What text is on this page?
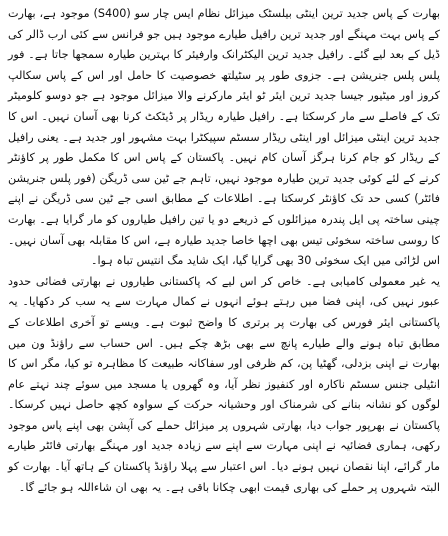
بھارت کے پاس جدید ترین اینٹی بیلسٹک میزائل نظام ایس چار سو (S400) موجود ہے، بھارت کے پاس بہت مہنگے اور جدید ترین رافیل طیارے موجود ہیں جو فرانس سے کئی ارب ڈالر کی ڈیل کے بعد لیے گئے۔ رافیل جدید ترین الیکٹرانک وارفیئر کا بہترین طیارہ سمجھا جاتا ہے۔ فور پلس پلس جنریشن ہے۔ جزوی طور پر سٹیلتھ خصوصیت کا حامل اور اس کے پاس سکالپ کروز اور میٹیور جیسا جدید ترین ایئر ٹو ایئر مارکرنے والا میزائل موجود ہے جو دوسو کلومیٹر تک کے فاصلے سے مار کرسکتا ہے۔ رافیل طیارہ ریڈار پر ڈیٹکٹ کرنا بھی آسان نہیں۔ اس کا جدید ترین اینٹی میزائل اور اینٹی ریڈار سسٹم سپیکٹرا بہت مشہور اور جدید ہے۔ یعنی رافیل کے ریڈار کو جام کرنا ہرگز آسان کام نہیں۔ پاکستان کے پاس اس کا مکمل طور پر کاؤنٹر کرنے کے لئے کوئی جدید ترین طیارہ موجود نہیں، تاہم جے ٹین سی ڈریگن (فور پلس جنریشن فائٹر) کسی حد تک کاؤنٹر کرسکتا ہے۔ اطلاعات کے مطابق اسی جے ٹین سی ڈریگن نے اپنے چینی ساختہ پی ایل پندرہ میزائلوں کے ذریعے دو یا تین رافیل طیاروں کو مار گرایا ہے۔ بھارت کا روسی ساختہ سخوئی تیس بھی اچھا خاصا جدید طیارہ ہے، اس کا مقابلہ بھی آسان نہیں۔ اس لڑائی میں ایک سخوئی 30 بھی گرایا گیا، ایک شاید مگ انتیس تباہ ہوا۔

یہ غیر معمولی کامیابی ہے۔ خاص کر اس لیے کہ پاکستانی طیاروں نے بھارتی فضائی حدود عبور نہیں کی، اپنی فضا میں رہتے ہوئے انہوں نے کمال مہارت سے یہ سب کر دکھایا۔ یہ پاکستانی ایئر فورس کی بھارت پر برتری کا واضح ثبوت ہے۔ ویسے تو آخری اطلاعات کے مطابق تباہ ہونے والے طیارے پانچ سے بھی بڑھ چکے ہیں۔ اس حساب سے راؤنڈ ون میں بھارت نے اپنی بزدلی، گھٹیا پن، کم ظرفی اور سفاکانہ طبیعت کا مظاہرہ تو کیا، مگر اس کا انٹیلی جنس سسٹم ناکارہ اور کنفیوز نظر آیا، وہ گھروں یا مسجد میں سوئے چند نہتے عام لوگوں کو نشانہ بنانے کی شرمناک اور وحشیانہ حرکت کے سواوہ کچھ حاصل نہیں کرسکا۔ پاکستان نے بھرپور جواب دیا، بھارتی شہروں پر میزائل حملے کی آپشن بھی اپنے پاس موجود رکھی، ہماری فضائیہ نے اپنی مہارت سے اپنے سے زیادہ جدید اور مہنگے بھارتی فائٹر طیارے مار گرائے، اپنا نقصان نہیں ہونے دیا۔ اس اعتبار سے پہلا راؤنڈ پاکستان کے ہاتھ آیا۔ بھارت کو البتہ شہروں پر حملے کی بھاری قیمت ابھی چکانا باقی ہے۔ یہ بھی ان شاءاللہ ہو جائے گا۔
